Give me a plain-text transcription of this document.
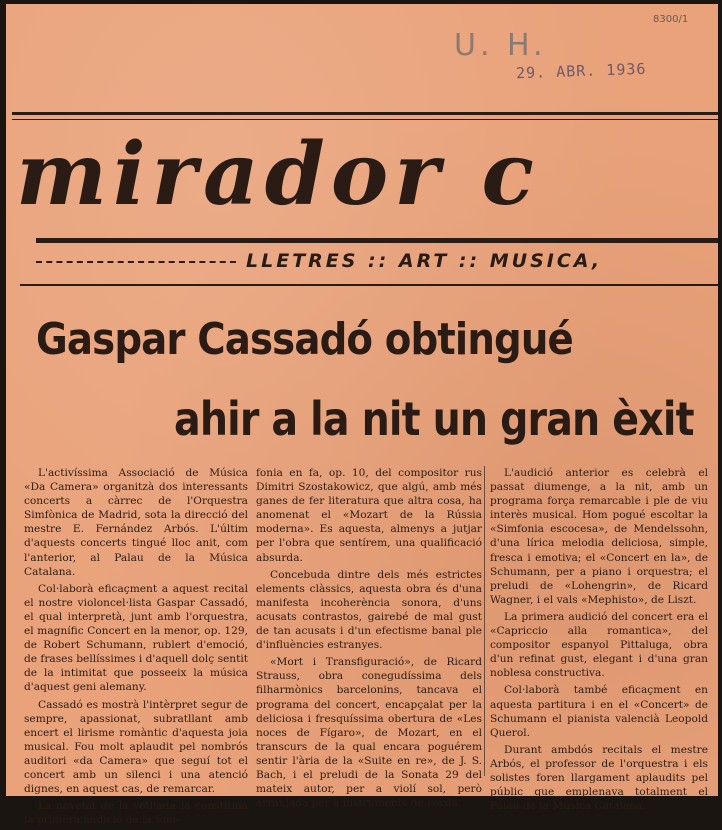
8300/1
U. H.
29. ABR. 1936
mirador c
LLETRES :: ART :: MUSICA,
Gaspar Cassadó obtingué
ahir a la nit un gran èxit

L'activíssima Associació de Música «Da Camera» organitzà dos interessants concerts a càrrec de l'Orquestra Simfònica de Madrid, sota la direcció del mestre E. Fernández Arbós. L'últim d'aquests concerts tingué lloc anit, com l'anterior, al Palau de la Música Catalana.

Col·laborà eficaçment a aquest recital el nostre violoncel·lista Gaspar Cassadó, el qual interpretà, junt amb l'orquestra, el magnífic Concert en la menor, op. 129, de Robert Schumann, rublert d'emoció, de frases bellíssimes i d'aquell dolç sentit de la intimitat que posseeix la música d'aquest geni alemany.

Cassadó es mostrà l'intèrpret segur de sempre, apassionat, subratllant amb encert el lirisme romàntic d'aquesta joia musical. Fou molt aplaudit pel nombrós auditori «da Camera» que seguí tot el concert amb un silenci i una atenció dignes, en aquest cas, de remarcar.

La novetat de la vetllada la constituïa la primera audició de la Sim-

fonia en fa, op. 10, del compositor rus Dimitri Szostakowicz, que algú, amb més ganes de fer literatura que altra cosa, ha anomenat el «Mozart de la Rússia moderna». Es aquesta, almenys a jutjar per l'obra que sentírem, una qualificació absurda.

Concebuda dintre dels més estrictes elements clàssics, aquesta obra és d'una manifesta incoherència sonora, d'uns acusats contrastos, gairebé de mal gust de tan acusats i d'un efectisme banal ple d'influències estranyes.

«Mort i Transfiguració», de Ricard Strauss, obra conegudíssima dels filharmònics barcelonins, tancava el programa del concert, encapçalat per la deliciosa i fresquíssima obertura de «Les noces de Fígaro», de Mozart, en el transcurs de la qual encara poguérem sentir l'ària de la «Suite en re», de J. S. Bach, i el preludi de la Sonata 29 del mateix autor, per a violí sol, però arranjada per a instruments de corda.

L'audició anterior es celebrà el passat diumenge, a la nit, amb un programa força remarcable i ple de viu interès musical. Hom pogué escoltar la «Simfonia escocesa», de Mendelssohn, d'una lírica melodia deliciosa, simple, fresca i emotiva; el «Concert en la», de Schumann, per a piano i orquestra; el preludi de «Lohengrin», de Ricard Wagner, i el vals «Mephisto», de Liszt.

La primera audició del concert era el «Capriccio alla romantica», del compositor espanyol Pittaluga, obra d'un refinat gust, elegant i d'una gran noblesa constructiva.

Col·laborà també eficaçment en aquesta partitura i en el «Concert» de Schumann el pianista valencià Leopold Querol.

Durant ambdós recitals el mestre Arbós, el professor de l'orquestra i els solistes foren llargament aplaudits pel públic que emplenava totalment el Palau de la Música Catalana.
